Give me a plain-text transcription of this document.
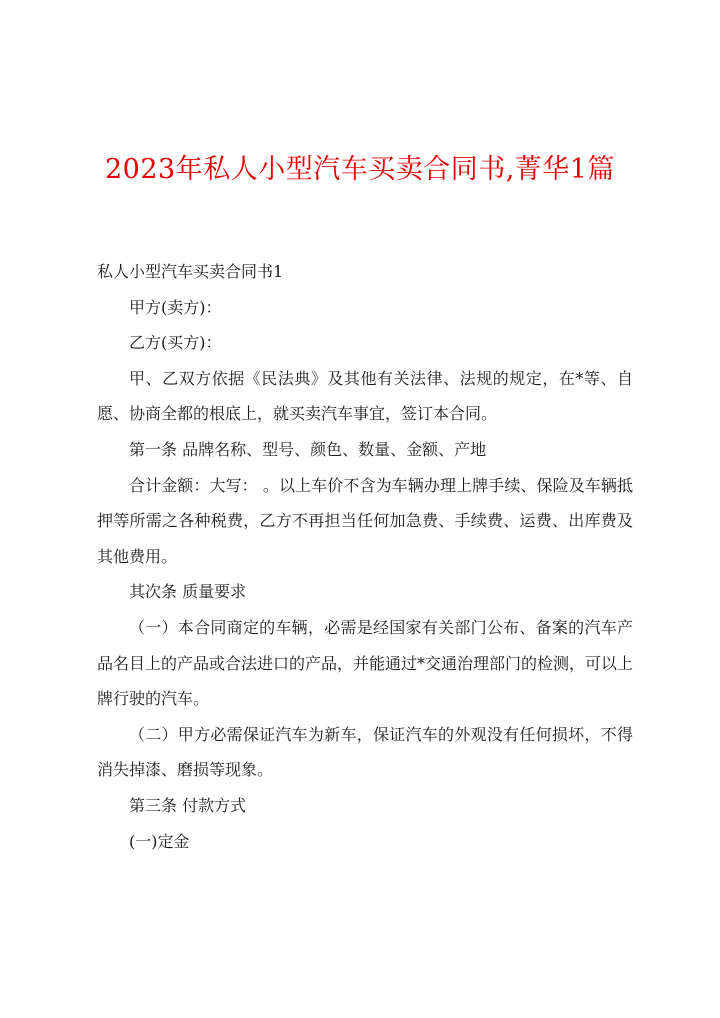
2023年私人小型汽车买卖合同书,菁华1篇

私人小型汽车买卖合同书1

甲方(卖方)：

乙方(买方)：

甲、乙双方依据《民法典》及其他有关法律、法规的规定，在*等、自愿、协商全都的根底上，就买卖汽车事宜，签订本合同。

第一条 品牌名称、型号、颜色、数量、金额、产地

合计金额：大写： 。以上车价不含为车辆办理上牌手续、保险及车辆抵押等所需之各种税费，乙方不再担当任何加急费、手续费、运费、出库费及其他费用。

其次条 质量要求

（一）本合同商定的车辆，必需是经国家有关部门公布、备案的汽车产品名目上的产品或合法进口的产品，并能通过*交通治理部门的检测，可以上牌行驶的汽车。

（二）甲方必需保证汽车为新车，保证汽车的外观没有任何损坏，不得消失掉漆、磨损等现象。

第三条 付款方式

(一)定金
